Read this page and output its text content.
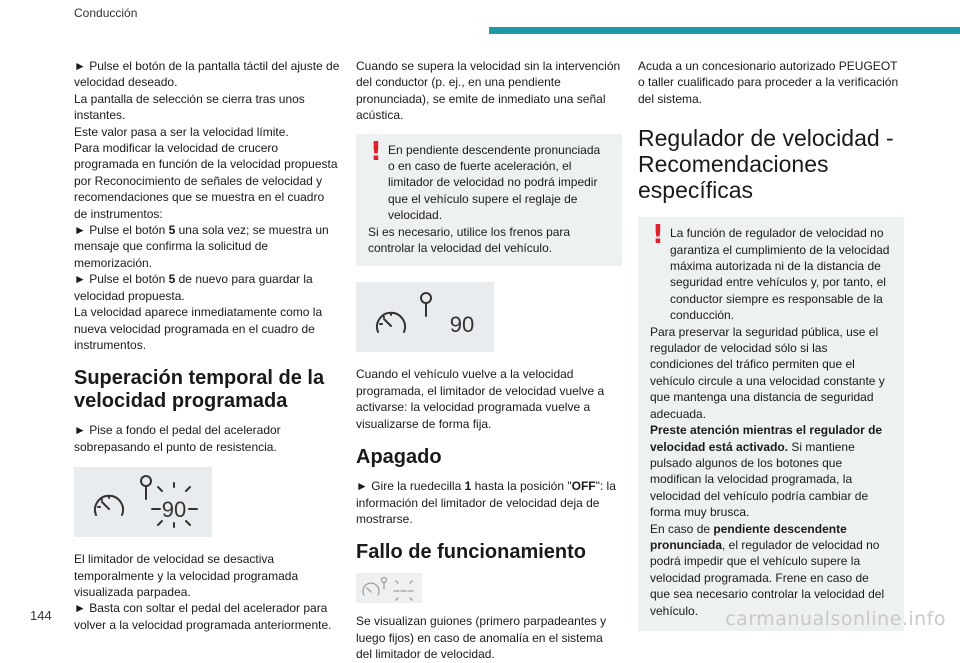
Conducción

► Pulse el botón de la pantalla táctil del ajuste de velocidad deseado.

La pantalla de selección se cierra tras unos instantes.

Este valor pasa a ser la velocidad límite.

Para modificar la velocidad de crucero programada en función de la velocidad propuesta por Reconocimiento de señales de velocidad y recomendaciones que se muestra en el cuadro de instrumentos:

► Pulse el botón 5 una sola vez; se muestra un mensaje que confirma la solicitud de memorización.

► Pulse el botón 5 de nuevo para guardar la velocidad propuesta.

La velocidad aparece inmediatamente como la nueva velocidad programada en el cuadro de instrumentos.

Superación temporal de la velocidad programada

► Pise a fondo el pedal del acelerador sobrepasando el punto de resistencia.

90

El limitador de velocidad se desactiva temporalmente y la velocidad programada visualizada parpadea.

► Basta con soltar el pedal del acelerador para volver a la velocidad programada anteriormente.

Cuando se supera la velocidad sin la intervención del conductor (p. ej., en una pendiente pronunciada), se emite de inmediato una señal acústica.

! En pendiente descendente pronunciada o en caso de fuerte aceleración, el limitador de velocidad no podrá impedir que el vehículo supere el reglaje de velocidad.
Si es necesario, utilice los frenos para controlar la velocidad del vehículo.
90

Cuando el vehículo vuelve a la velocidad programada, el limitador de velocidad vuelve a activarse: la velocidad programada vuelve a visualizarse de forma fija.

Apagado

► Gire la ruedecilla 1 hasta la posición "OFF": la información del limitador de velocidad deja de mostrarse.

Fallo de funcionamiento

Se visualizan guiones (primero parpadeantes y luego fijos) en caso de anomalía en el sistema del limitador de velocidad.

Acuda a un concesionario autorizado PEUGEOT o taller cualificado para proceder a la verificación del sistema.

Regulador de velocidad - Recomendaciones específicas
! La función de regulador de velocidad no garantiza el cumplimiento de la velocidad máxima autorizada ni de la distancia de seguridad entre vehículos y, por tanto, el conductor siempre es responsable de la conducción.
Para preservar la seguridad pública, use el regulador de velocidad sólo si las condiciones del tráfico permiten que el vehículo circule a una velocidad constante y que mantenga una distancia de seguridad adecuada.
Preste atención mientras el regulador de velocidad está activado. Si mantiene pulsado algunos de los botones que modifican la velocidad programada, la velocidad del vehículo podría cambiar de forma muy brusca.
En caso de pendiente descendente pronunciada, el regulador de velocidad no podrá impedir que el vehículo supere la velocidad programada. Frene en caso de que sea necesario controlar la velocidad del vehículo.
144	carmanualsonline.info
